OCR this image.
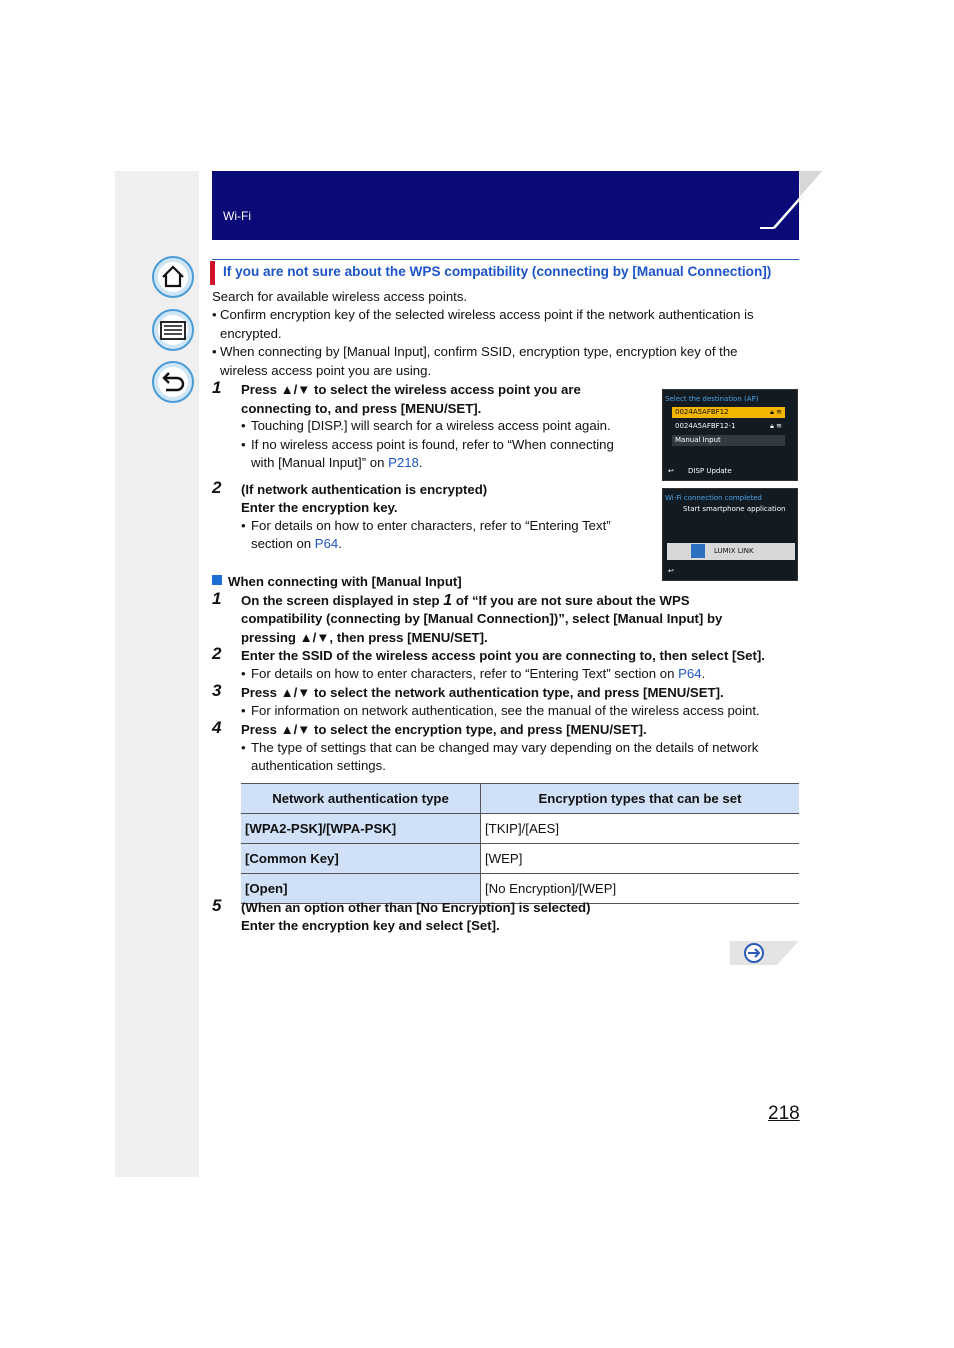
Wi-Fi
If you are not sure about the WPS compatibility (connecting by [Manual Connection])
Search for available wireless access points.
• Confirm encryption key of the selected wireless access point if the network authentication is
encrypted.
• When connecting by [Manual Input], confirm SSID, encryption type, encryption key of the
wireless access point you are using.
1 Press ▲/▼ to select the wireless access point you are
connecting to, and press [MENU/SET].
• Touching [DISP.] will search for a wireless access point again.
• If no wireless access point is found, refer to “When connecting
with [Manual Input]” on P218.
2 (If network authentication is encrypted)
Enter the encryption key.
• For details on how to enter characters, refer to “Entering Text”
section on P64.
Select the destination (AP)
0024A5AFBF12	🔒︎ ≋
0024A5AFBF12-1	🔒︎ ≋
Manual Input
↩︎	DISP Update
Wi-Fi connection completed
Start smartphone application
LUMIX LINK
↩︎
When connecting with [Manual Input]
1 On the screen displayed in step 1 of “If you are not sure about the WPS
compatibility (connecting by [Manual Connection])”, select [Manual Input] by
pressing ▲/▼, then press [MENU/SET].
2 Enter the SSID of the wireless access point you are connecting to, then select [Set].
• For details on how to enter characters, refer to “Entering Text” section on P64.
3 Press ▲/▼ to select the network authentication type, and press [MENU/SET].
• For information on network authentication, see the manual of the wireless access point.
4 Press ▲/▼ to select the encryption type, and press [MENU/SET].
• The type of settings that can be changed may vary depending on the details of network
authentication settings.
Network authentication type	Encryption types that can be set
[WPA2-PSK]/[WPA-PSK]	[TKIP]/[AES]
[Common Key]	[WEP]
[Open]	[No Encryption]/[WEP]
5 (When an option other than [No Encryption] is selected)
Enter the encryption key and select [Set].
218
